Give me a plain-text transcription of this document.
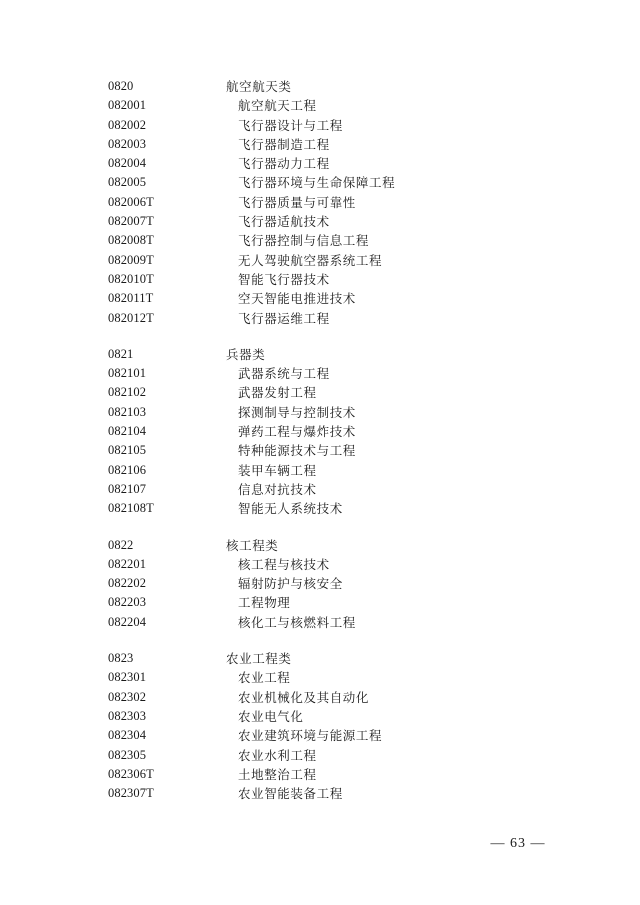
0820	航空航天类
082001	航空航天工程
082002	飞行器设计与工程
082003	飞行器制造工程
082004	飞行器动力工程
082005	飞行器环境与生命保障工程
082006T	飞行器质量与可靠性
082007T	飞行器适航技术
082008T	飞行器控制与信息工程
082009T	无人驾驶航空器系统工程
082010T	智能飞行器技术
082011T	空天智能电推进技术
082012T	飞行器运维工程
0821	兵器类
082101	武器系统与工程
082102	武器发射工程
082103	探测制导与控制技术
082104	弹药工程与爆炸技术
082105	特种能源技术与工程
082106	装甲车辆工程
082107	信息对抗技术
082108T	智能无人系统技术
0822	核工程类
082201	核工程与核技术
082202	辐射防护与核安全
082203	工程物理
082204	核化工与核燃料工程
0823	农业工程类
082301	农业工程
082302	农业机械化及其自动化
082303	农业电气化
082304	农业建筑环境与能源工程
082305	农业水利工程
082306T	土地整治工程
082307T	农业智能装备工程
— 63 —
